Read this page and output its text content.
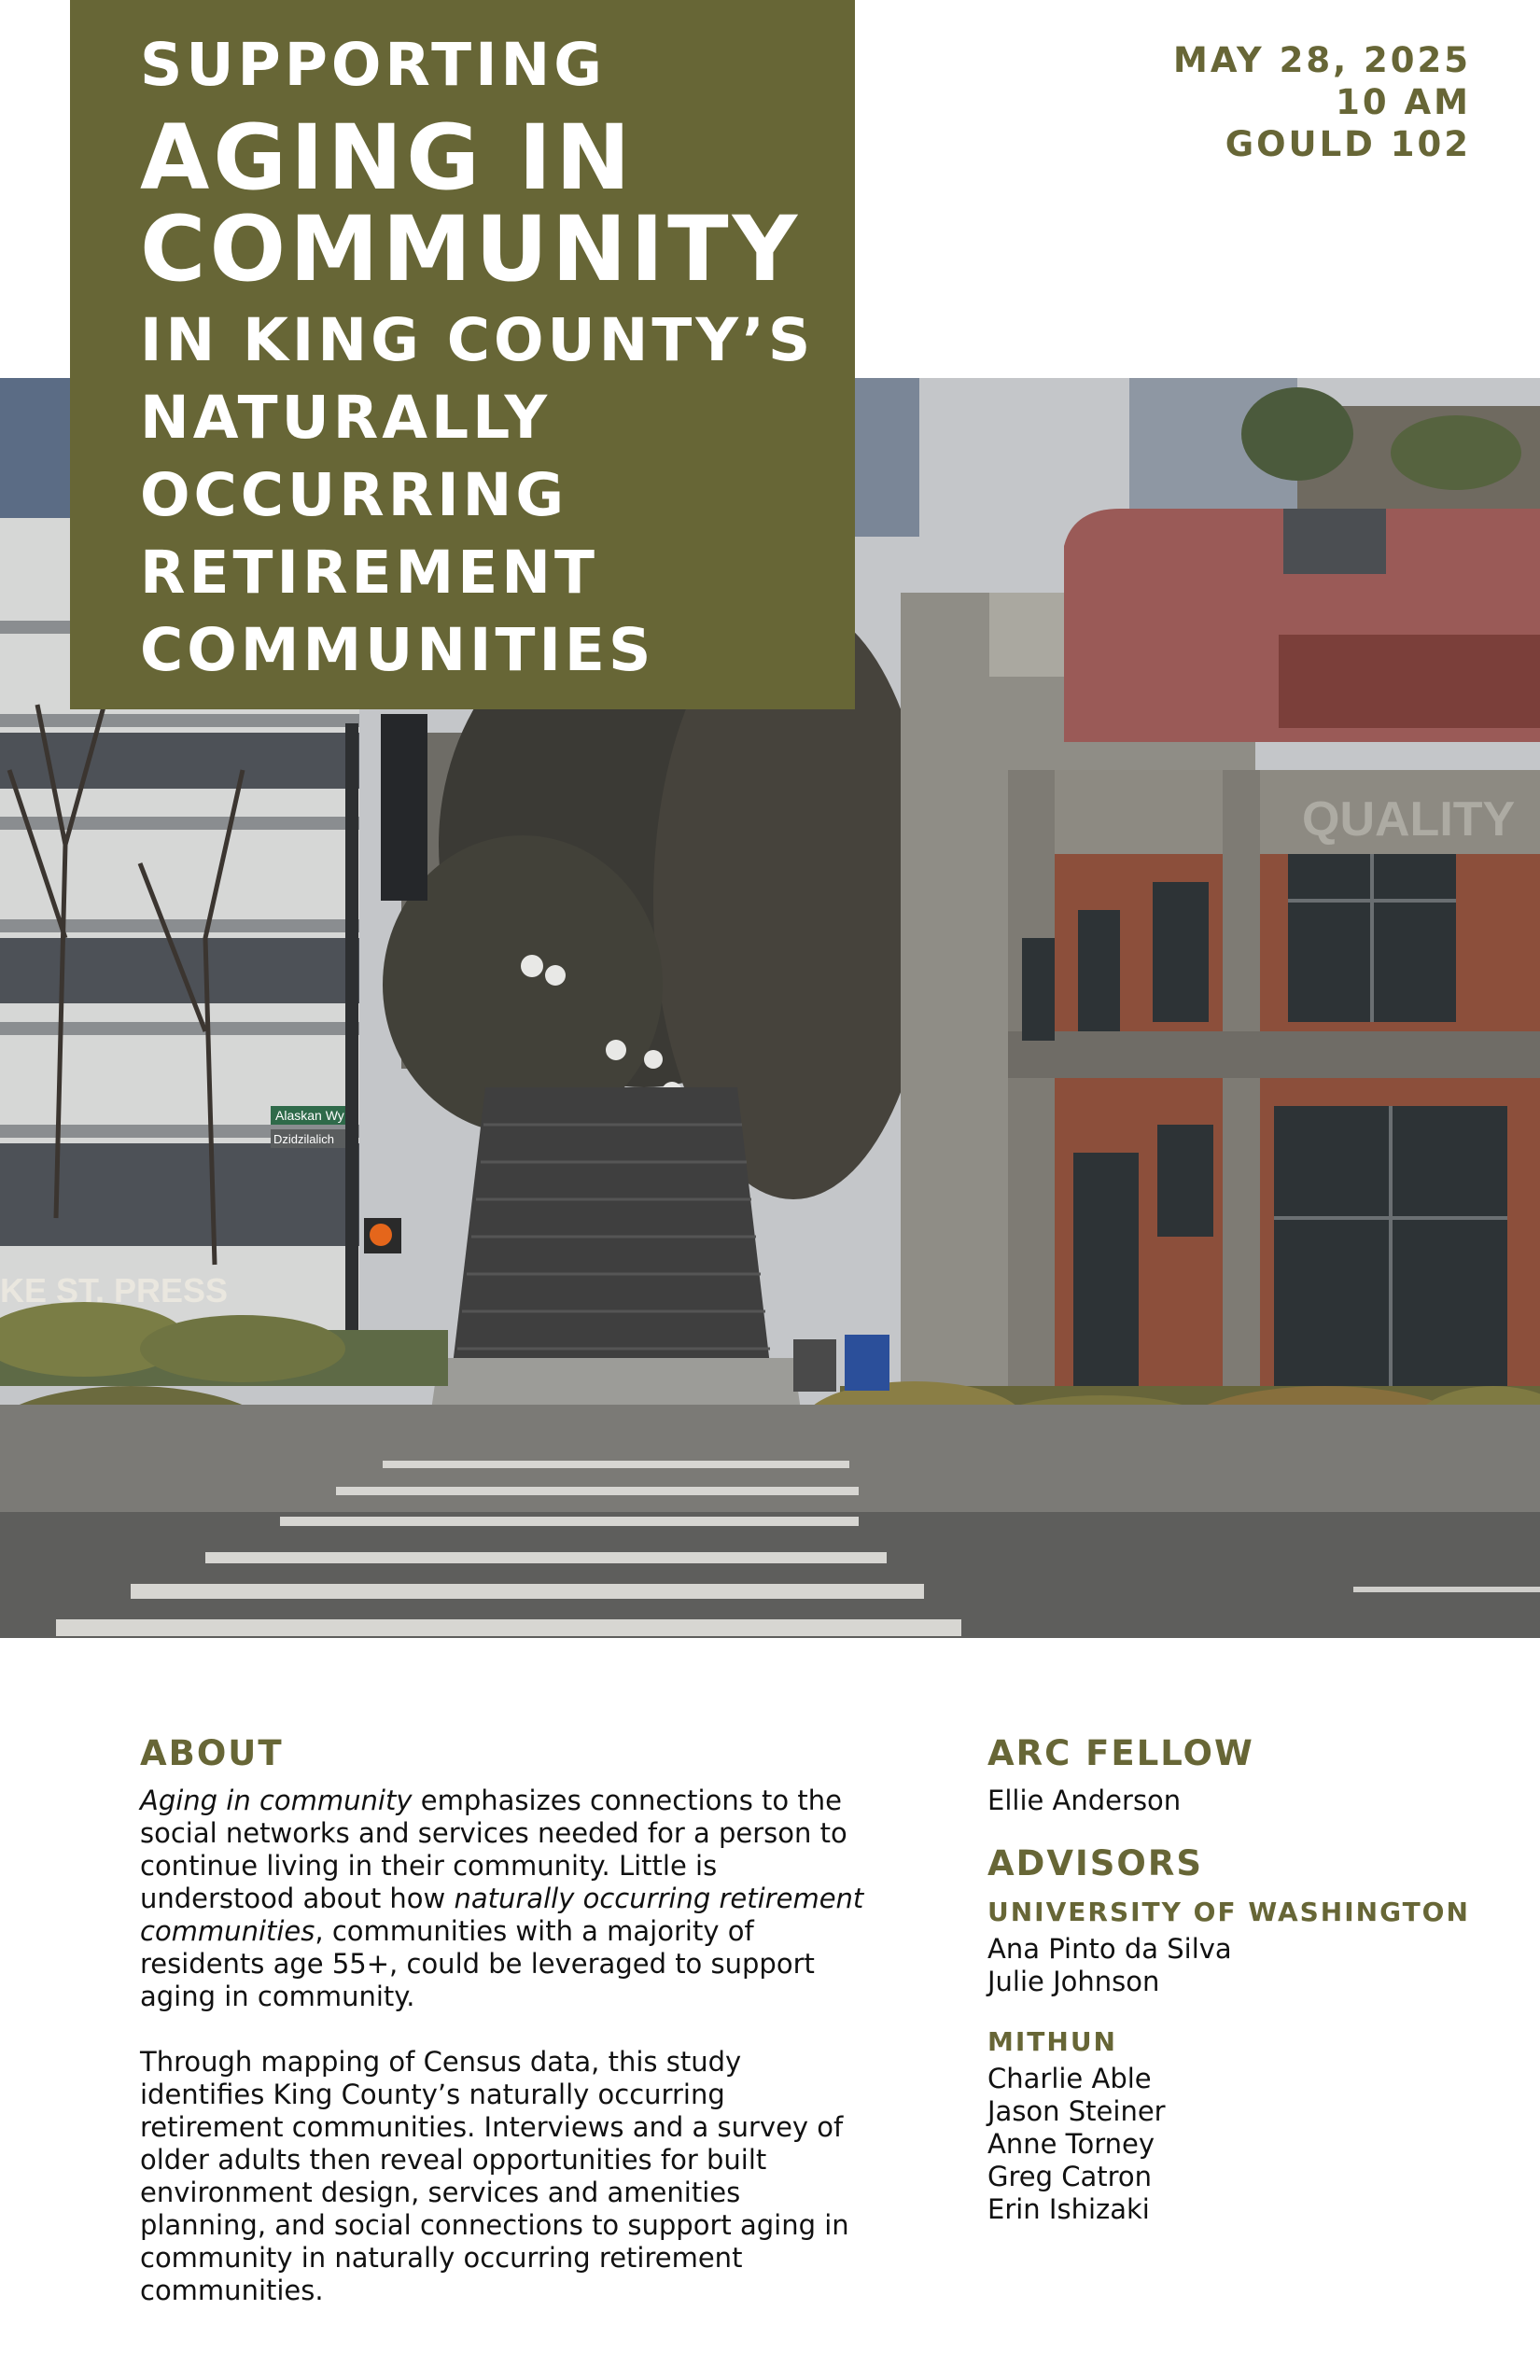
Alaskan Wy
Dzidzilalich
KE ST. PRESS
QUALITY
SUPPORTING
AGING IN
COMMUNITY
IN KING COUNTY’S
NATURALLY
OCCURRING
RETIREMENT
COMMUNITIES
MAY 28, 2025
10 AM
GOULD 102
ABOUT

Aging in community emphasizes connections to the social networks and services needed for a person to continue living in their community. Little is understood about how naturally occurring retirement communities, communities with a majority of residents age 55+, could be leveraged to support aging in community.

Through mapping of Census data, this study identifies King County’s naturally occurring retirement communities. Interviews and a survey of older adults then reveal opportunities for built environment design, services and amenities planning, and social connections to support aging in community in naturally occurring retirement communities.

ARC FELLOW
Ellie Anderson
ADVISORS
UNIVERSITY OF WASHINGTON
Ana Pinto da Silva
Julie Johnson
MITHUN
Charlie Able
Jason Steiner
Anne Torney
Greg Catron
Erin Ishizaki
